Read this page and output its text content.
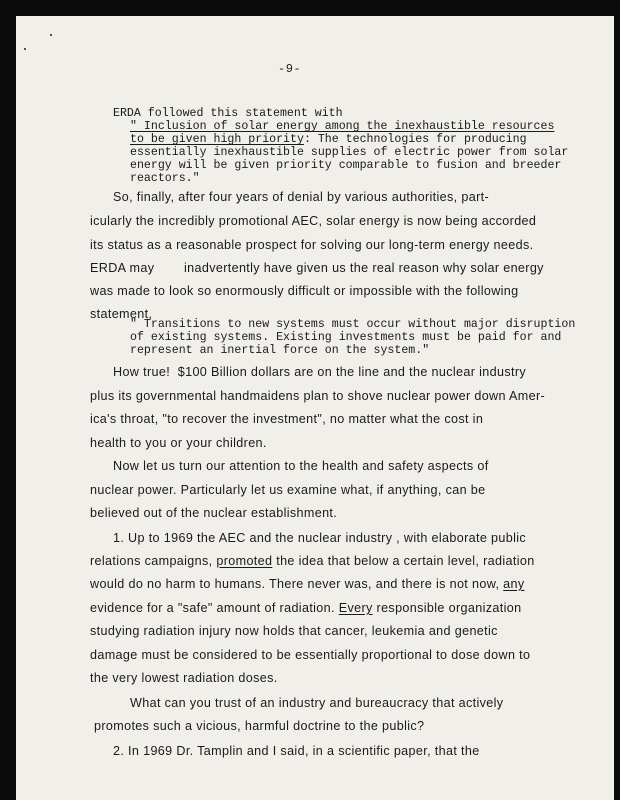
-9-
ERDA followed this statement with
" Inclusion of solar energy among the inexhaustible resources
to be given high priority: The technologies for producing
essentially inexhaustible supplies of electric power from solar
energy will be given priority comparable to fusion and breeder
reactors."
So, finally, after four years of denial by various authorities, part-
icularly the incredibly promotional AEC, solar energy is now being accorded
its status as a reasonable prospect for solving our long-term energy needs.
ERDA may inadvertently have given us the real reason why solar energy
was made to look so enormously difficult or impossible with the following
statement,
" Transitions to new systems must occur without major disruption
of existing systems. Existing investments must be paid for and
represent an inertial force on the system."
How true!  $100 Billion dollars are on the line and the nuclear industry
plus its governmental handmaidens plan to shove nuclear power down Amer-
ica's throat, "to recover the investment", no matter what the cost in
health to you or your children.
Now let us turn our attention to the health and safety aspects of
nuclear power. Particularly let us examine what, if anything, can be
believed out of the nuclear establishment.
1. Up to 1969 the AEC and the nuclear industry , with elaborate public
relations campaigns, promoted the idea that below a certain level, radiation
would do no harm to humans. There never was, and there is not now, any
evidence for a "safe" amount of radiation. Every responsible organization
studying radiation injury now holds that cancer, leukemia and genetic
damage must be considered to be essentially proportional to dose down to
the very lowest radiation doses.
What can you trust of an industry and bureaucracy that actively
promotes such a vicious, harmful doctrine to the public?
2. In 1969 Dr. Tamplin and I said, in a scientific paper, that the
